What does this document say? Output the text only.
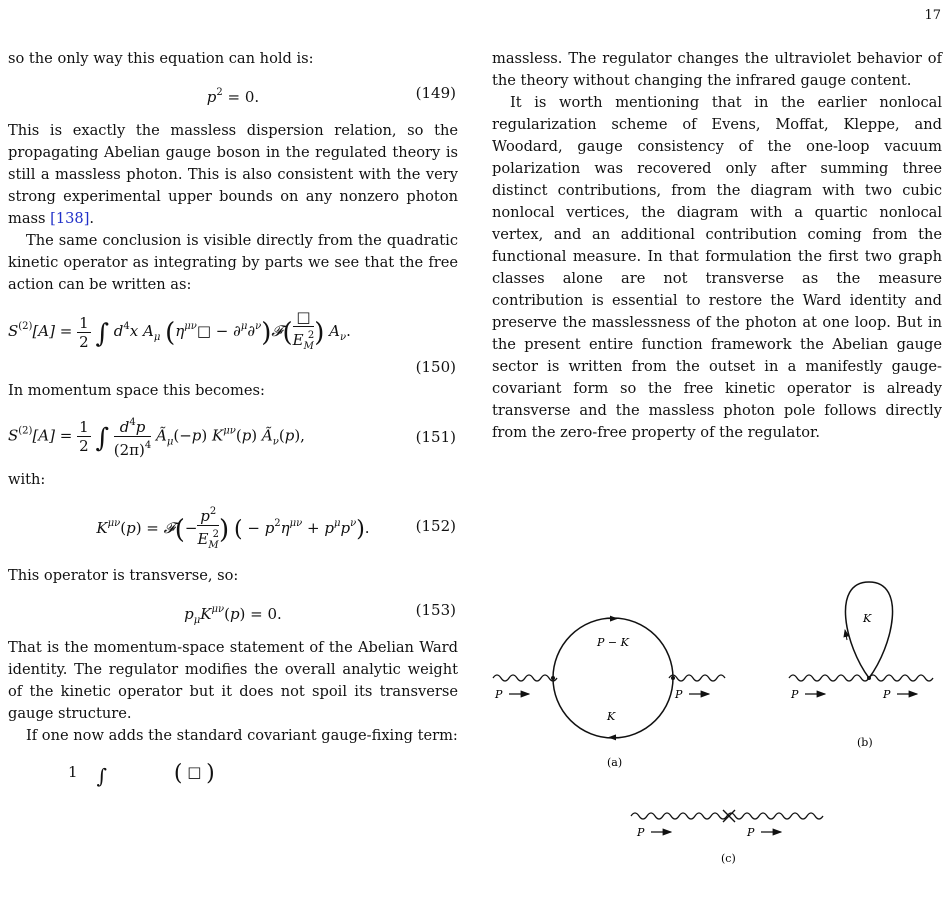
17

so the only way this equation can hold is:

$p^2 = 0$.	(149)

This is exactly the massless dispersion relation, so the propagating Abelian gauge boson in the regulated theory is still a massless photon. This is also consistent with the very strong experimental upper bounds on any nonzero photon mass [138].

The same conclusion is visible directly from the quadratic kinetic operator as integrating by parts we see that the free action can be written as:

$S^{(2)}[A] = \frac{1}{2}$ ∫ $d^4x$ $A_\mu$ ($\eta^{\mu\nu}□$ − ∂$^\mu$∂$^\nu$)𝓕( $\frac{□}{E_M^2}$ ) $A_\nu$.
(150)

In momentum space this becomes:

$S^{(2)}[A] = \frac{1}{2}$ ∫ $\frac{d^4p}{(2\pi)^4}$ $Ã_\mu(-p)$ $K^{\mu\nu}(p)$ $Ã_\nu(p)$,	(151)

with:

$K^{\mu\nu}(p)$ = 𝓕(− $\frac{p^2}{E_M^2}$ ) ( − $p^2\eta^{\mu\nu} + p^\mu p^\nu$).	(152)

This operator is transverse, so:

$p_\mu K^{\mu\nu}(p) = 0$.	(153)

That is the momentum-space statement of the Abelian Ward identity. The regulator modifies the overall analytic weight of the kinetic operator but it does not spoil its transverse gauge structure.

If one now adds the standard covariant gauge-fixing term:

1 ∫	( □ )

massless. The regulator changes the ultraviolet behavior of the theory without changing the infrared gauge content.

It is worth mentioning that in the earlier nonlocal regularization scheme of Evens, Moffat, Kleppe, and Woodard, gauge consistency of the one-loop vacuum polarization was recovered only after summing three distinct contributions, from the diagram with two cubic nonlocal vertices, the diagram with a quartic nonlocal vertex, and an additional contribution coming from the functional measure. In that formulation the first two graph classes alone are not transverse as the measure contribution is essential to restore the Ward identity and preserve the masslessness of the photon at one loop. But in the present entire function framework the Abelian gauge sector is written from the outset in a manifestly gauge-covariant form so the free kinetic operator is already transverse and the massless photon pole follows directly from the zero-free property of the regulator.

P − K
K
P	P
(a)
K
P	P
(b)
P	P
(c)
